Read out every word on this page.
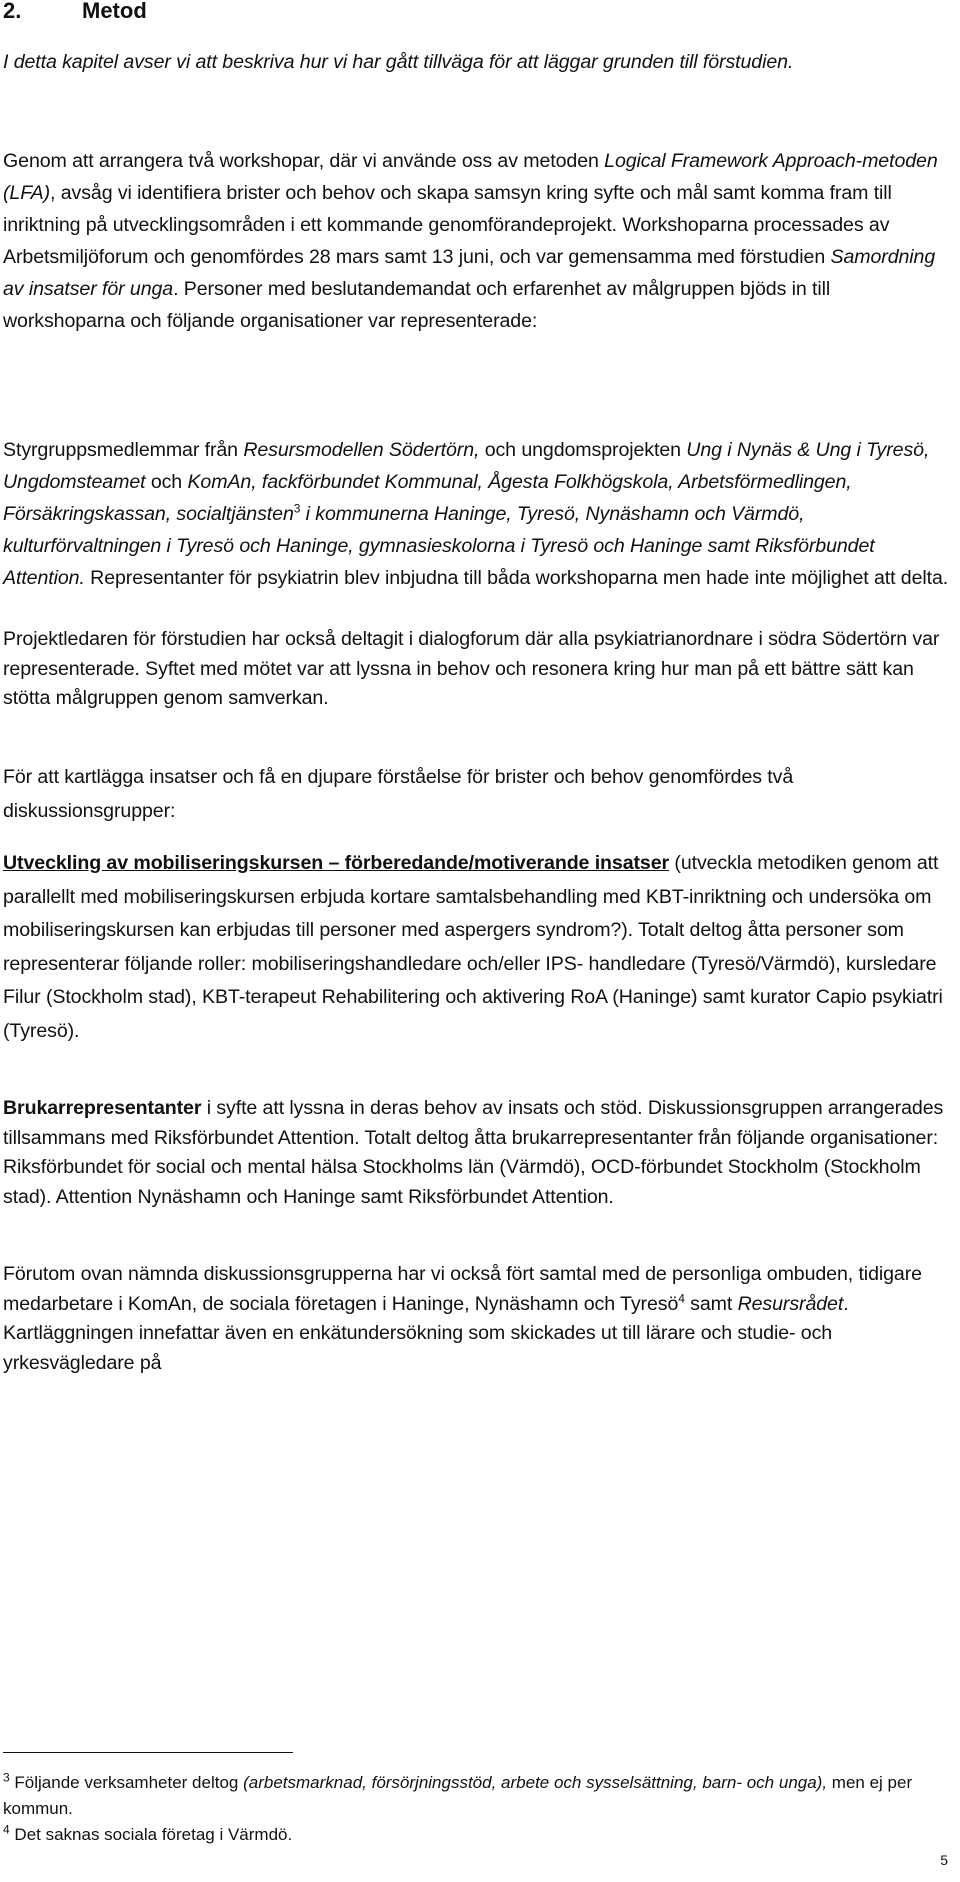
2.	Metod

I detta kapitel avser vi att beskriva hur vi har gått tillväga för att läggar grunden till förstudien.

Genom att arrangera två workshopar, där vi använde oss av metoden Logical Framework Approach-metoden (LFA), avsåg vi identifiera brister och behov och skapa samsyn kring syfte och mål samt komma fram till inriktning på utvecklingsområden i ett kommande genomförandeprojekt. Workshoparna processades av Arbetsmiljöforum och genomfördes 28 mars samt 13 juni, och var gemensamma med förstudien Samordning av insatser för unga. Personer med beslutandemandat och erfarenhet av målgruppen bjöds in till workshoparna och följande organisationer var representerade:

Styrgruppsmedlemmar från Resursmodellen Södertörn, och ungdomsprojekten Ung i Nynäs & Ung i Tyresö, Ungdomsteamet och KomAn, fackförbundet Kommunal, Ågesta Folkhögskola, Arbetsförmedlingen, Försäkringskassan, socialtjänsten$^3$ i kommunerna Haninge, Tyresö, Nynäshamn och Värmdö, kulturförvaltningen i Tyresö och Haninge, gymnasieskolorna i Tyresö och Haninge samt Riksförbundet Attention. Representanter för psykiatrin blev inbjudna till båda workshoparna men hade inte möjlighet att delta.

Projektledaren för förstudien har också deltagit i dialogforum där alla psykiatrianordnare i södra Södertörn var representerade. Syftet med mötet var att lyssna in behov och resonera kring hur man på ett bättre sätt kan stötta målgruppen genom samverkan.

För att kartlägga insatser och få en djupare förståelse för brister och behov genomfördes två diskussionsgrupper:

Utveckling av mobiliseringskursen – förberedande/motiverande insatser (utveckla metodiken genom att parallellt med mobiliseringskursen erbjuda kortare samtalsbehandling med KBT-inriktning och undersöka om mobiliseringskursen kan erbjudas till personer med aspergers syndrom?). Totalt deltog åtta personer som representerar följande roller: mobiliseringshandledare och/eller IPS- handledare (Tyresö/Värmdö), kursledare Filur (Stockholm stad), KBT-terapeut Rehabilitering och aktivering RoA (Haninge) samt kurator Capio psykiatri (Tyresö).

Brukarrepresentanter i syfte att lyssna in deras behov av insats och stöd. Diskussionsgruppen arrangerades tillsammans med Riksförbundet Attention. Totalt deltog åtta brukarrepresentanter från följande organisationer: Riksförbundet för social och mental hälsa Stockholms län (Värmdö), OCD-förbundet Stockholm (Stockholm stad). Attention Nynäshamn och Haninge samt Riksförbundet Attention.

Förutom ovan nämnda diskussionsgrupperna har vi också fört samtal med de personliga ombuden, tidigare medarbetare i KomAn, de sociala företagen i Haninge, Nynäshamn och Tyresö$^4$ samt Resursrådet. Kartläggningen innefattar även en enkätundersökning som skickades ut till lärare och studie- och yrkesvägledare på

$^3$ Följande verksamheter deltog (arbetsmarknad, försörjningsstöd, arbete och sysselsättning, barn- och unga), men ej per kommun.

$^4$ Det saknas sociala företag i Värmdö.

5
